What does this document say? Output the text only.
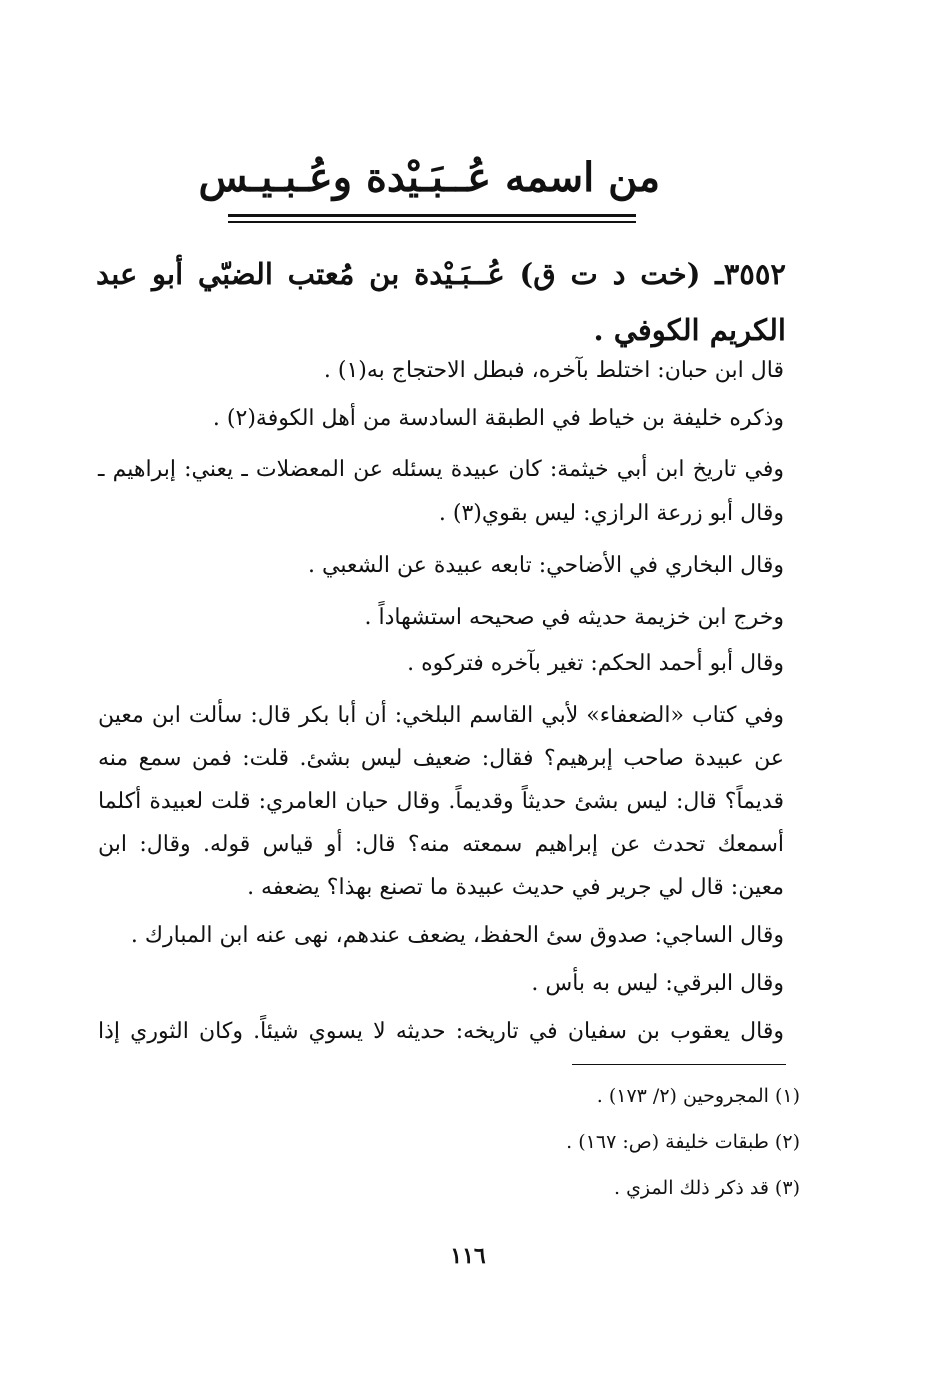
من اسمه عُــبَـيْدة وعُـبـيـس
٣٥٥٢ـ (خت د ت ق) عُــبَـيْدة بن مُعتب الضبّي أبو عبد الكريم الكوفي .
قال ابن حبان: اختلط بآخره، فبطل الاحتجاج به(١) .
وذكره خليفة بن خياط في الطبقة السادسة من أهل الكوفة(٢) .
وفي تاريخ ابن أبي خيثمة: كان عبيدة يسئله عن المعضلات ـ يعني: إبراهيم ـ
وقال أبو زرعة الرازي: ليس بقوي(٣) .
وقال البخاري في الأضاحي: تابعه عبيدة عن الشعبي .
وخرج ابن خزيمة حديثه في صحيحه استشهاداً .
وقال أبو أحمد الحكم: تغير بآخره فتركوه .
وفي كتاب «الضعفاء» لأبي القاسم البلخي: أن أبا بكر قال: سألت ابن معين
عن عبيدة صاحب إبرهيم؟ فقال: ضعيف ليس بشئ. قلت: فمن سمع منه
قديماً؟ قال: ليس بشئ حديثاً وقديماً. وقال حيان العامري: قلت لعبيدة أكلما
أسمعك تحدث عن إبراهيم سمعته منه؟ قال: أو قياس قوله. وقال: ابن
معين: قال لي جرير في حديث عبيدة ما تصنع بهذا؟ يضعفه .
وقال الساجي: صدوق سئ الحفظ، يضعف عندهم، نهى عنه ابن المبارك .
وقال البرقي: ليس به بأس .
وقال يعقوب بن سفيان في تاريخه: حديثه لا يسوي شيئاً. وكان الثوري إذا
(١) المجروحين (٢/ ١٧٣) .
(٢) طبقات خليفة (ص: ١٦٧) .
(٣) قد ذكر ذلك المزي .
١١٦
